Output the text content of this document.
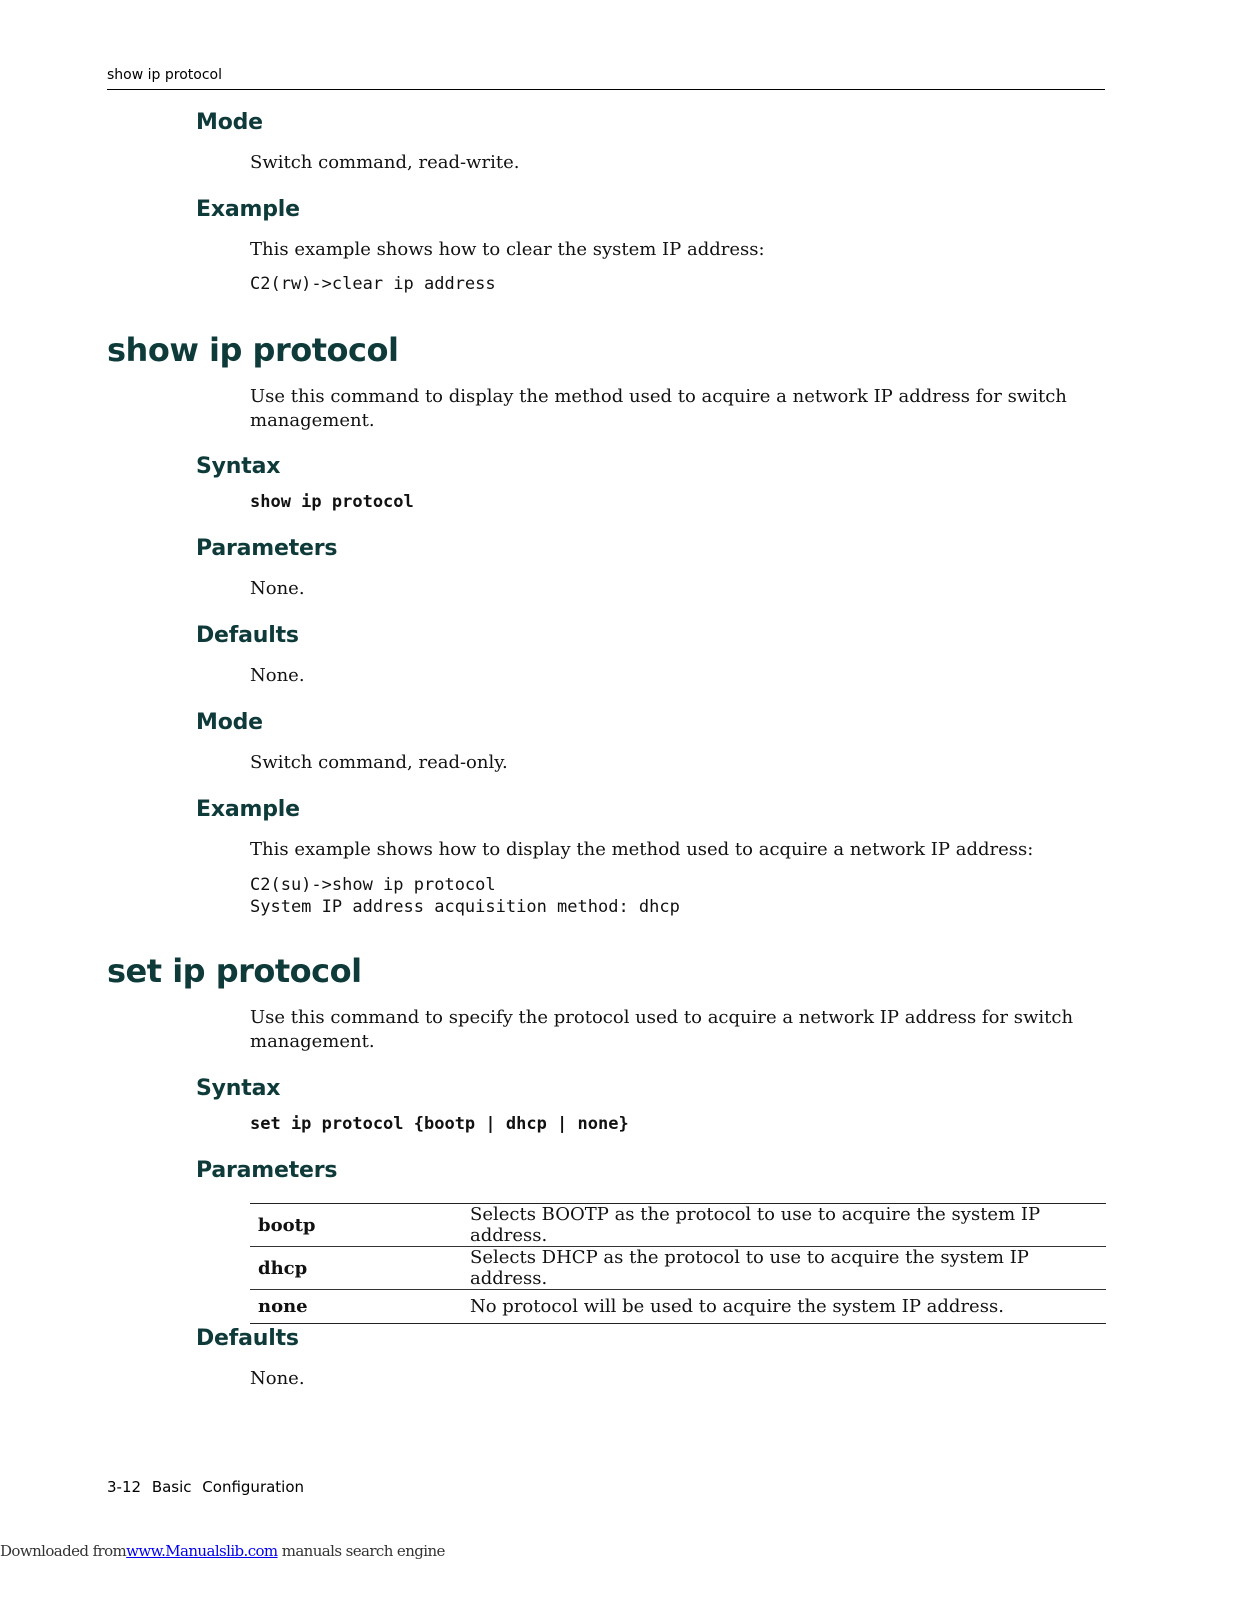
show ip protocol
Mode
Switch command, read-write.
Example
This example shows how to clear the system IP address:
C2(rw)->clear ip address
show ip protocol
Use this command to display the method used to acquire a network IP address for switch management.
Syntax
show ip protocol
Parameters
None.
Defaults
None.
Mode
Switch command, read-only.
Example
This example shows how to display the method used to acquire a network IP address:
C2(su)->show ip protocol
System IP address acquisition method: dhcp
set ip protocol
Use this command to specify the protocol used to acquire a network IP address for switch management.
Syntax
set ip protocol {bootp | dhcp | none}
Parameters
bootp	Selects BOOTP as the protocol to use to acquire the system IP address.
dhcp	Selects DHCP as the protocol to use to acquire the system IP address.
none	No protocol will be used to acquire the system IP address.
Defaults
None.
3-12 Basic Configuration
Downloaded fromwww.Manualslib.com manuals search engine
